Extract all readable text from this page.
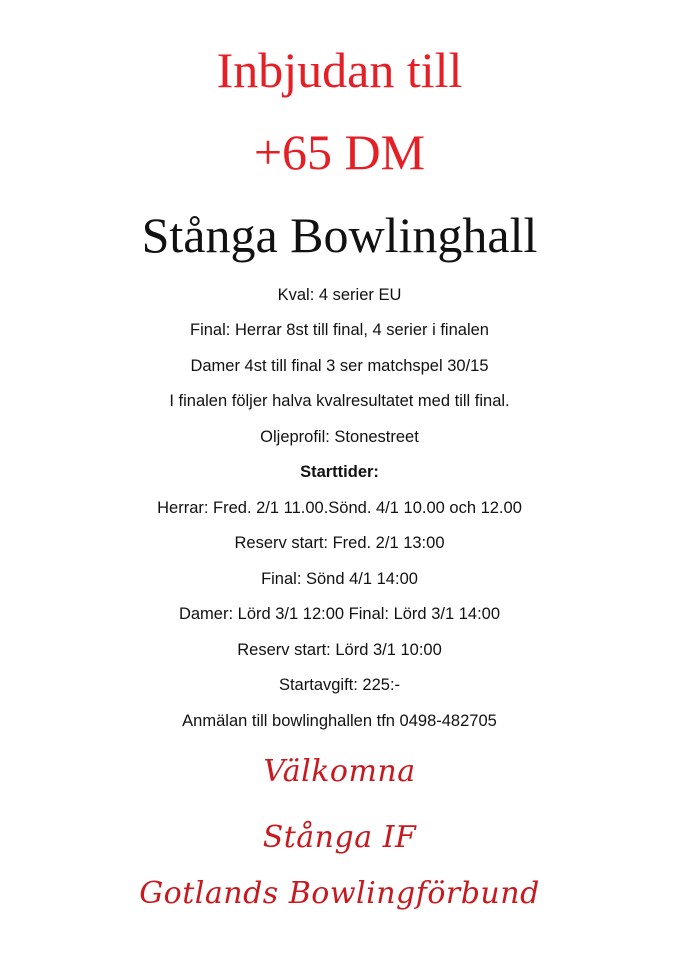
Inbjudan till

+65 DM

Stånga Bowlinghall

Kval: 4 serier EU

Final: Herrar 8st till final, 4 serier i finalen

Damer 4st till final 3 ser matchspel 30/15

I finalen följer halva kvalresultatet med till final.

Oljeprofil: Stonestreet

Starttider:

Herrar: Fred. 2/1 11.00.Sönd. 4/1 10.00 och 12.00

Reserv start: Fred. 2/1 13:00

Final: Sönd 4/1 14:00

Damer: Lörd 3/1 12:00 Final: Lörd 3/1 14:00

Reserv start: Lörd 3/1 10:00

Startavgift: 225:-

Anmälan till bowlinghallen tfn 0498-482705

Välkomna

Stånga IF

Gotlands Bowlingförbund
